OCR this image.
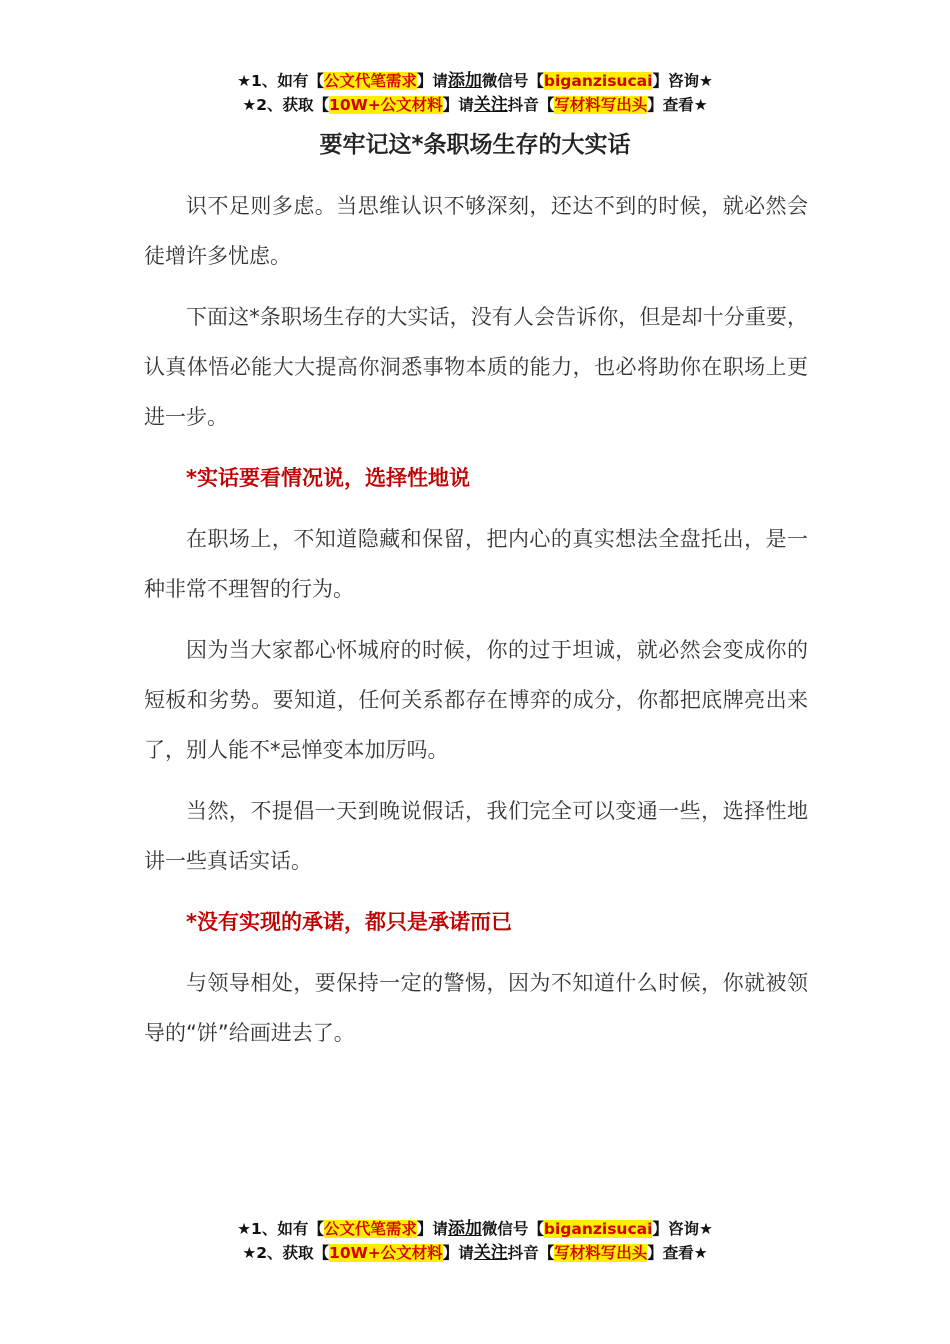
★1、如有【公文代笔需求】请添加微信号【biganzisucai】咨询★
★2、获取【10W+公文材料】请关注抖音【写材料写出头】查看★
要牢记这*条职场生存的大实话

识不足则多虑。当思维认识不够深刻，还达不到的时候，就必然会徒增许多忧虑。

下面这*条职场生存的大实话，没有人会告诉你，但是却十分重要，认真体悟必能大大提高你洞悉事物本质的能力，也必将助你在职场上更进一步。

*实话要看情况说，选择性地说

在职场上，不知道隐藏和保留，把内心的真实想法全盘托出，是一种非常不理智的行为。

因为当大家都心怀城府的时候，你的过于坦诚，就必然会变成你的短板和劣势。要知道，任何关系都存在博弈的成分，你都把底牌亮出来了，别人能不*忌惮变本加厉吗。

当然，不提倡一天到晚说假话，我们完全可以变通一些，选择性地讲一些真话实话。

*没有实现的承诺，都只是承诺而已

与领导相处，要保持一定的警惕，因为不知道什么时候，你就被领导的“饼”给画进去了。

★1、如有【公文代笔需求】请添加微信号【biganzisucai】咨询★
★2、获取【10W+公文材料】请关注抖音【写材料写出头】查看★
